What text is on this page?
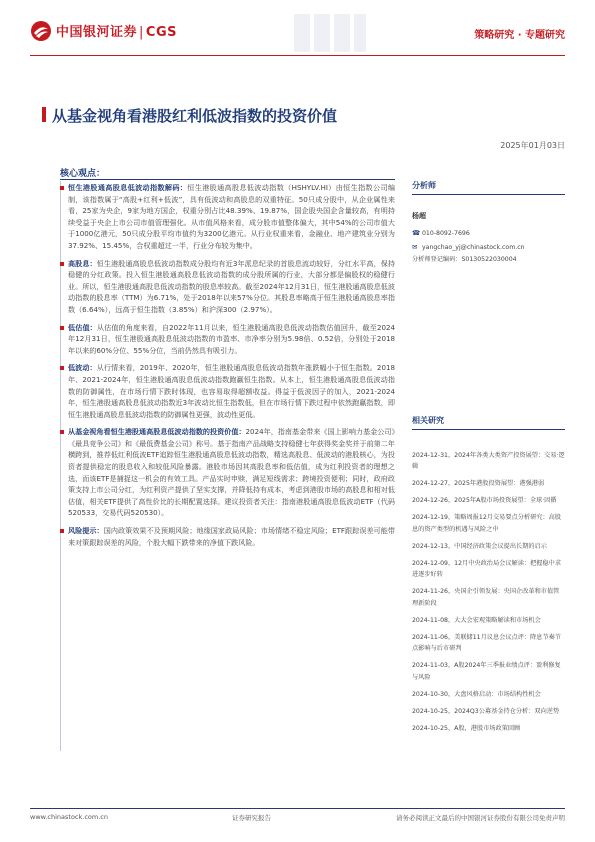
中国银河证券 | CGS	策略研究 · 专题研究
从基金视角看港股红利低波指数的投资价值
2025年01月03日
核心观点：
恒生港股通高股息低波动指数解码：恒生港股通高股息低波动指数（HSHYLV.HI）由恒生指数公司编制，该指数属于“高股+红利+低波”，具有低波动和高股息的双重特征。50只成分股中，从企业属性来看，25家为央企，9家为地方国企，权重分别占比48.39%、19.87%，国企股央国企含量较高，有明持续受益于央企上市公司市值管理强化。从市值风格来看，成分股市值整体偏大，其中54%的公司市值大于1000亿港元，50只成分股平均市值约为3200亿港元。从行业权重来看，金融业、地产建筑业分别为37.92%、15.45%，合权重超过一半，行业分布较为集中。
高股息：恒生港股通高股息低波动指数成分股均有近3年派息纪录的首股息流动较好，分红水平高，保持稳健的分红政策。投入恒生港股通高股息低波动指数的成分股所属的行业，大部分都是偏股权的稳健行业。所以，恒生港股通高股息低波动指数的股息率较高。截至2024年12月31日，恒生港股通高股息低波动指数的股息率（TTM）为6.71%，处于2018年以来57%分位。其股息率略高于恒生港股通高股息率指数（6.64%），远高于恒生指数（3.85%）和沪深300（2.97%）。
低估值：从估值的角度来看，自2022年11月以来，恒生港股通高股息低波动指数估值回升，截至2024年12月31日，恒生港股通高股息低波动指数的市盈率、市净率分别为5.98倍、0.52倍，分别处于2018年以来的60%分位、55%分位，当前仍然具有吸引力。
低波动：从行情来看，2019年、2020年，恒生港股通高股息低波动指数年涨跌幅小于恒生指数。2018年、2021-2024年，恒生港股通高股息低波动指数跑赢恒生指数。从本上，恒生港股通高股息低波动指数的防御属性，在市场行情下跌时体现，也容易取得超额收益。得益于低波因子的加入，2021-2024年，恒生港股通高股息低波动指数近3年波动比恒生指数低，但在市场行情下跌过程中依然跑赢指数，即恒生港股通高股息低波动指数的防御属性更强，波动性更低。
从基金视角看恒生港股通高股息低波动指数的投资价值：2024年，指南基金带来《国上影响力基金公司》《最具竞争公司》和《最低费基金公司》称号。基于指南产品战略支持稳健七年获得奖金奖并于前第二年横跨到，推荐低红利低波ETF追踪恒生港股通高股息低波动指数，精选高股息、低波动的港股核心，为投资者提供稳定的股息收入和较低风险暴露。港股市场因其高股息率和低估值，成为红利投资者的理想之选，而该ETF是捕捉这一机会的有效工具。产品实时申赎，满足短线需求；跨境投资便利；同时，政府政策支持上市公司分红，为红利资产提供了坚实支撑，并降低持有成本，考虑到港股市场的高股息和相对低估值，相关ETF提供了高性价比的长期配置选择。建议投资者关注：指南港股通高股息低波动ETF（代码520533，交易代码520530）。
风险提示：国内政策效果不及预期风险；地缘国家政局风险；市场情绪不稳定风险；ETF跟踪误差可能带来对策跟踪误差的风险，个股大幅下跌带来的净值下跌风险。
分析师
杨超
☎ 010-8092-7696
✉ yangchao_yj@chinastock.com.cn
分析师登记编码：S0130522030004
相关研究
2024-12-31，2024年各类大类资产投资展望：交易·逻辑
2024-12-27，2025年港股投资展望：港强港弱
2024-12-26，2025年A股市场投资展望：全球·因循
2024-12-19，策略周报12月交易要点分析研究：高股息的资产类型的机遇与风险之中
2024-12-13，中国经济政策会议提出长期的启示
2024-12-09，12月中央政治局会议解读：把握稳中求进逐步好转
2024-11-26，央国企引领发展：央国企改革和市值管理新阶段
2024-11-08，大大会宏观策略解读和市场机会
2024-11-06，美联储11月议息会议点评：降息节奏节点影响与后市研判
2024-11-03，A股2024年三季报业绩点评：盈利修复与风险
2024-10-30，大盘风格启动：市场结构性机会
2024-10-25，2024Q3公募基金持仓分析：双向逆势
2024-10-25，A股，港股市场政策回顾
www.chinastock.com.cn	证券研究报告	请务必阅读正文最后的中国银河证券股份有限公司免责声明
